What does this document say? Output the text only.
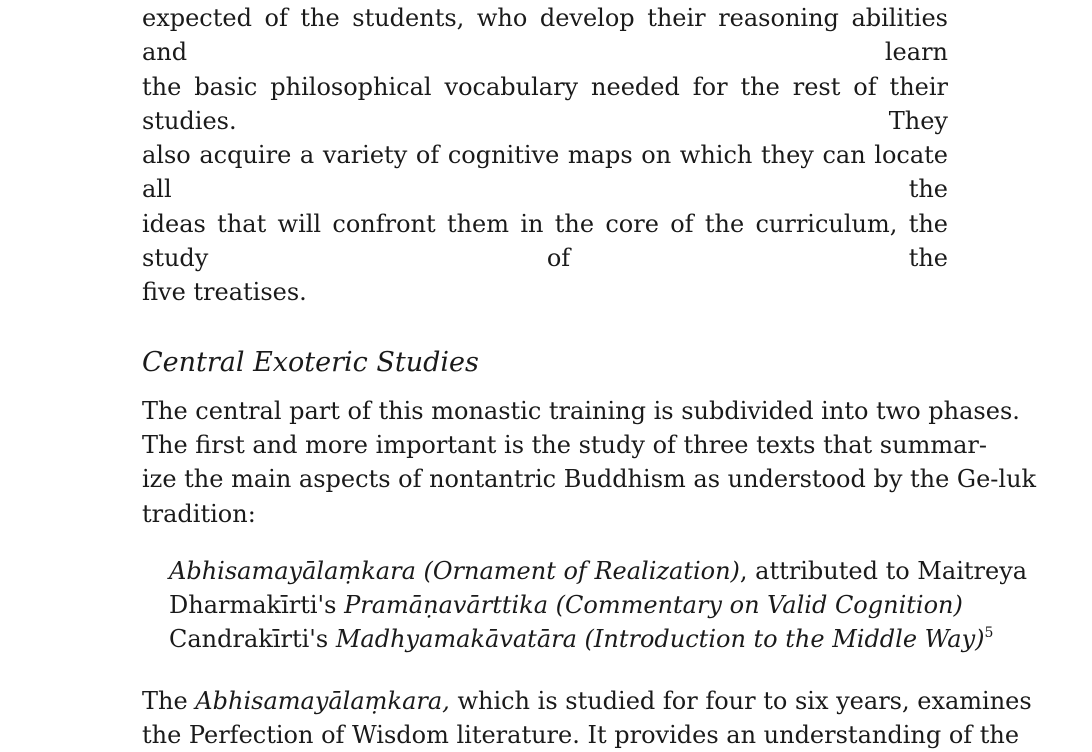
expected of the students, who develop their reasoning abilities and learn
the basic philosophical vocabulary needed for the rest of their studies. They
also acquire a variety of cognitive maps on which they can locate all the
ideas that will confront them in the core of the curriculum, the study of the
five treatises.

Central Exoteric Studies

The central part of this monastic training is subdivided into two phases.
The first and more important is the study of three texts that summar-
ize the main aspects of nontantric Buddhism as understood by the Ge-luk
tradition:

Abhisamayālaṃkara (Ornament of Realization), attributed to Maitreya
Dharmakīrti's Pramāṇavārttika (Commentary on Valid Cognition)
Candrakīrti's Madhyamakāvatāra (Introduction to the Middle Way)$^5$

The Abhisamayālaṃkara, which is studied for four to six years, examines
the Perfection of Wisdom literature. It provides an understanding of the
